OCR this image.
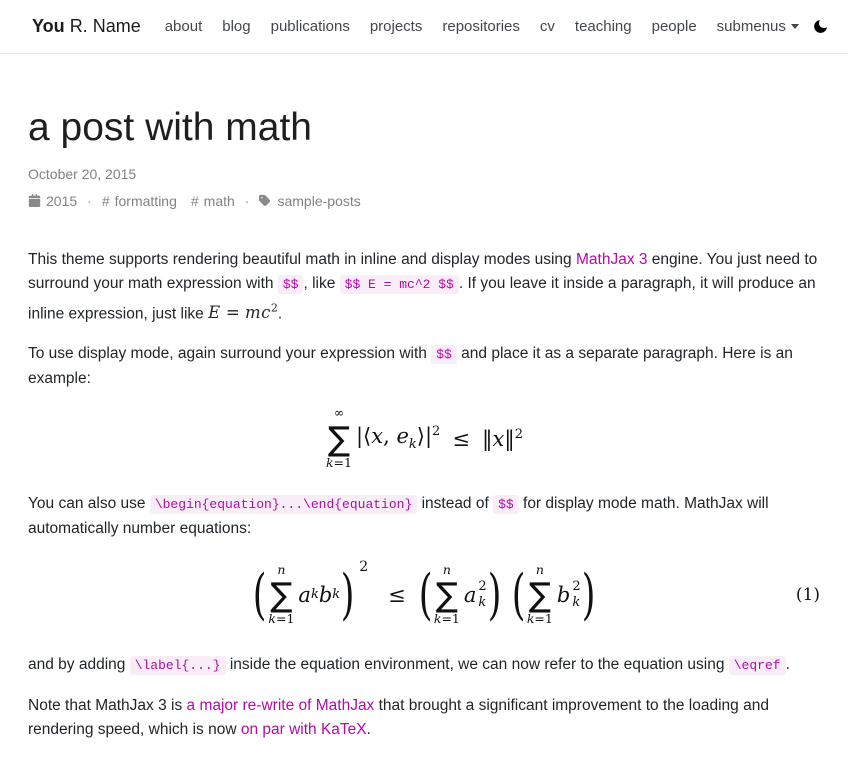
You R. Name	about	blog	publications	projects	repositories	cv	teaching	people	submenus
a post with math
October 20, 2015
2015 · # formatting # math · sample-posts

This theme supports rendering beautiful math in inline and display modes using MathJax 3 engine. You just need to surround your math expression with $$ , like $$ E = mc^2 $$ . If you leave it inside a paragraph, it will produce an inline expression, just like $E = mc^2$.

To use display mode, again surround your expression with $$ and place it as a separate paragraph. Here is an example:

∞
∑
k=1
|⟨x, $e_k⟩|^2$ ≤ ‖x‖$^2$

You can also use \begin{equation}...\end{equation} instead of $$ for display mode math. MathJax will automatically number equations:

( n
∑
k=1
a k b k ) 2
≤ ( n
∑
k=1
a 2
k ) ( n
∑
k=1
b 2
k )	(1)

and by adding \label{...} inside the equation environment, we can now refer to the equation using \eqref .

Note that MathJax 3 is a major re-write of MathJax that brought a significant improvement to the loading and rendering speed, which is now on par with KaTeX.
